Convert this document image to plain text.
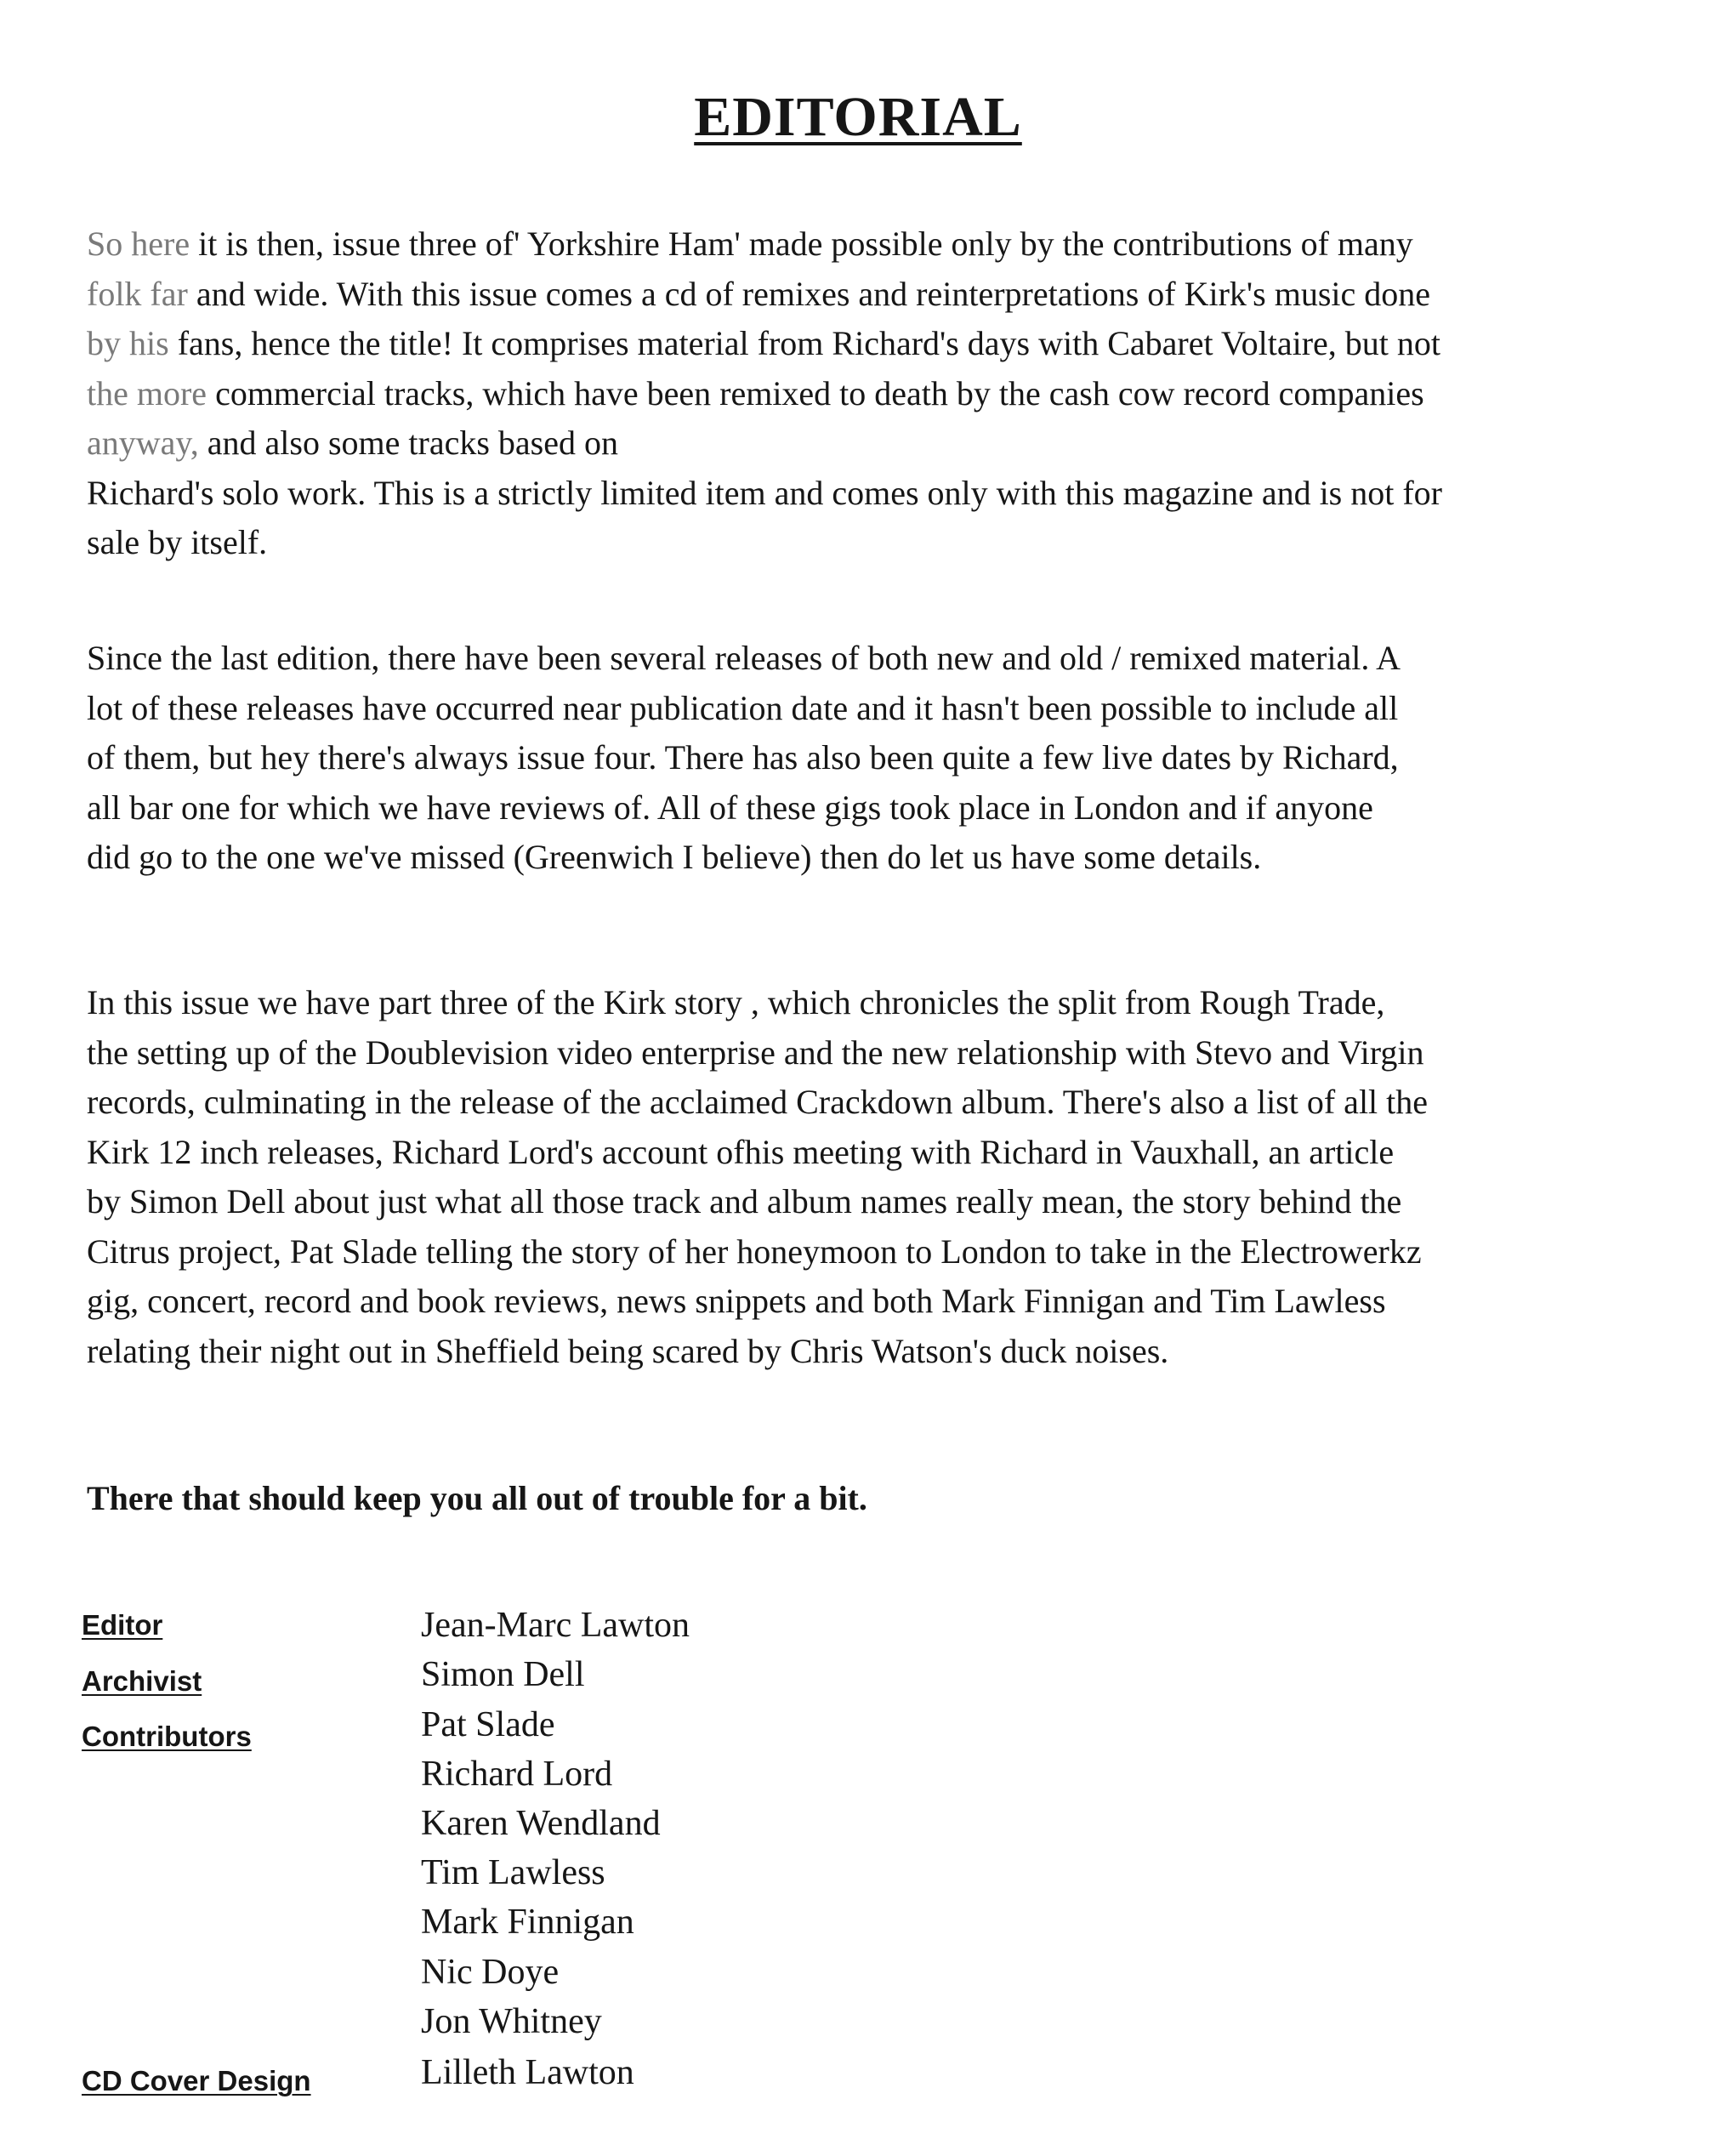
EDITORIAL
So here it is then, issue three of' Yorkshire Ham' made possible only by the contributions of many
folk far and wide. With this issue comes a cd of remixes and reinterpretations of Kirk's music done
by his fans, hence the title! It comprises material from Richard's days with Cabaret Voltaire, but not
the more commercial tracks, which have been remixed to death by the cash cow record companies
anyway, and also some tracks based on
Richard's solo work. This is a strictly limited item and comes only with this magazine and is not for
sale by itself.
Since the last edition, there have been several releases of both new and old / remixed material. A
lot of these releases have occurred near publication date and it hasn't been possible to include all
of them, but hey there's always issue four. There has also been quite a few live dates by Richard,
all bar one for which we have reviews of. All of these gigs took place in London and if anyone
did go to the one we've missed (Greenwich I believe) then do let us have some details.
In this issue we have part three of the Kirk story , which chronicles the split from Rough Trade,
the setting up of the Doublevision video enterprise and the new relationship with Stevo and Virgin
records, culminating in the release of the acclaimed Crackdown album. There's also a list of all the
Kirk 12 inch releases, Richard Lord's account ofhis meeting with Richard in Vauxhall, an article
by Simon Dell about just what all those track and album names really mean, the story behind the
Citrus project, Pat Slade telling the story of her honeymoon to London to take in the Electrowerkz
gig, concert, record and book reviews, news snippets and both Mark Finnigan and Tim Lawless
relating their night out in Sheffield being scared by Chris Watson's duck noises.

There that should keep you all out of trouble for a bit.

Editor

Archivist

Contributors

CD Cover Design

Jean-Marc Lawton

Simon Dell

Pat Slade

Richard Lord

Karen Wendland

Tim Lawless

Mark Finnigan

Nic Doye

Jon Whitney

Lilleth Lawton
